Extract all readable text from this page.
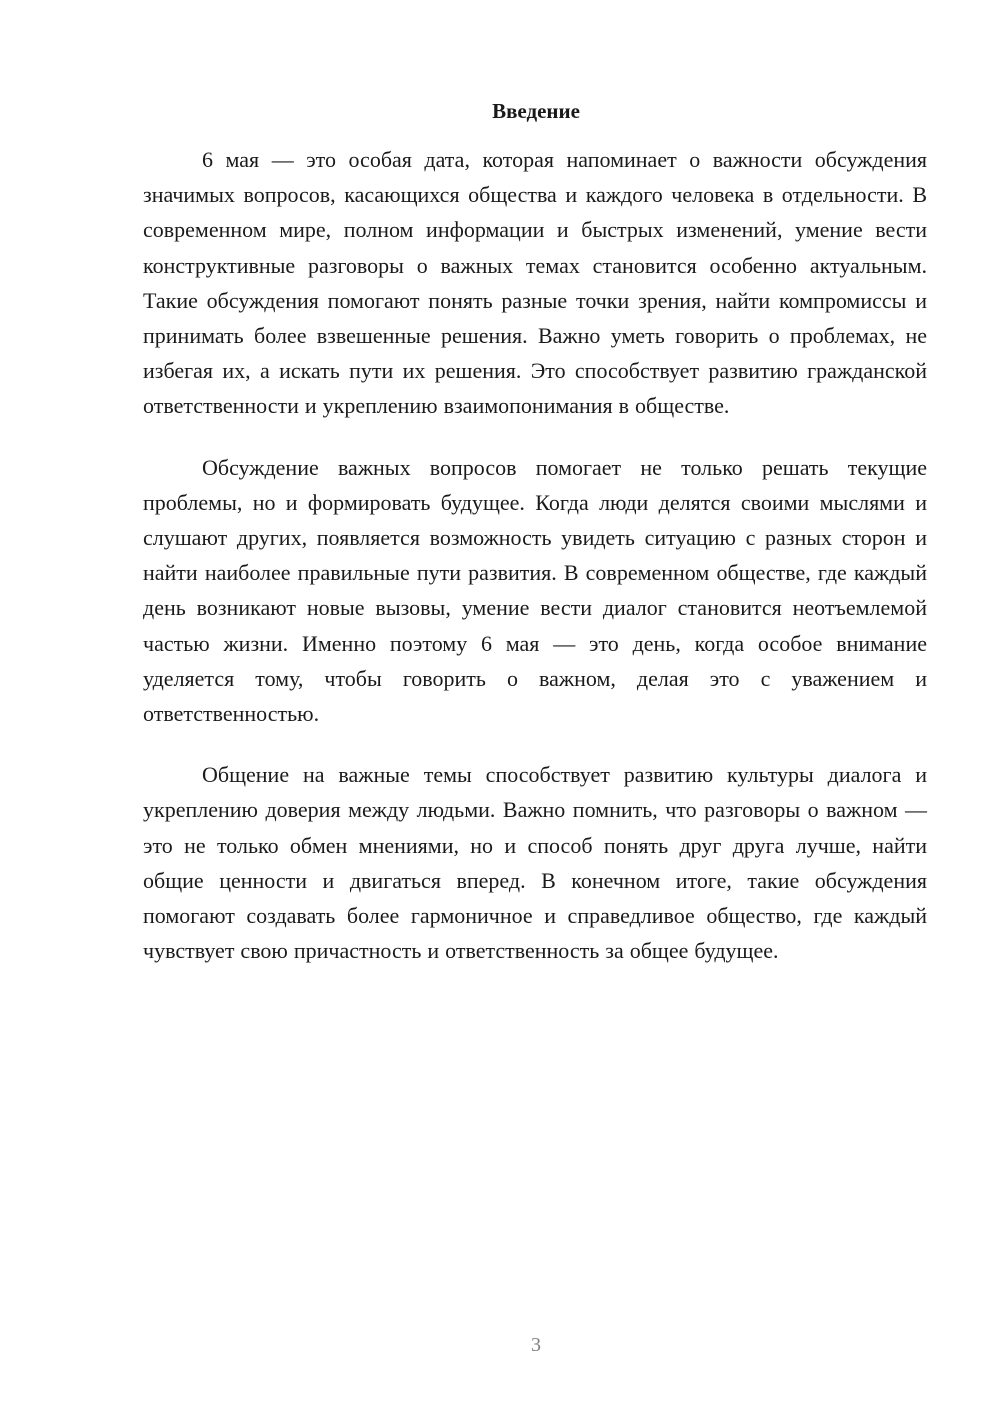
Введение

6 мая — это особая дата, которая напоминает о важности обсуждения значимых вопросов, касающихся общества и каждого человека в отдельности. В современном мире, полном информации и быстрых изменений, умение вести конструктивные разговоры о важных темах становится особенно актуальным. Такие обсуждения помогают понять разные точки зрения, найти компромиссы и принимать более взвешенные решения. Важно уметь говорить о проблемах, не избегая их, а искать пути их решения. Это способствует развитию гражданской ответственности и укреплению взаимопонимания в обществе.

Обсуждение важных вопросов помогает не только решать текущие проблемы, но и формировать будущее. Когда люди делятся своими мыслями и слушают других, появляется возможность увидеть ситуацию с разных сторон и найти наиболее правильные пути развития. В современном обществе, где каждый день возникают новые вызовы, умение вести диалог становится неотъемлемой частью жизни. Именно поэтому 6 мая — это день, когда особое внимание уделяется тому, чтобы говорить о важном, делая это с уважением и ответственностью.

Общение на важные темы способствует развитию культуры диалога и укреплению доверия между людьми. Важно помнить, что разговоры о важном — это не только обмен мнениями, но и способ понять друг друга лучше, найти общие ценности и двигаться вперед. В конечном итоге, такие обсуждения помогают создавать более гармоничное и справедливое общество, где каждый чувствует свою причастность и ответственность за общее будущее.

3
